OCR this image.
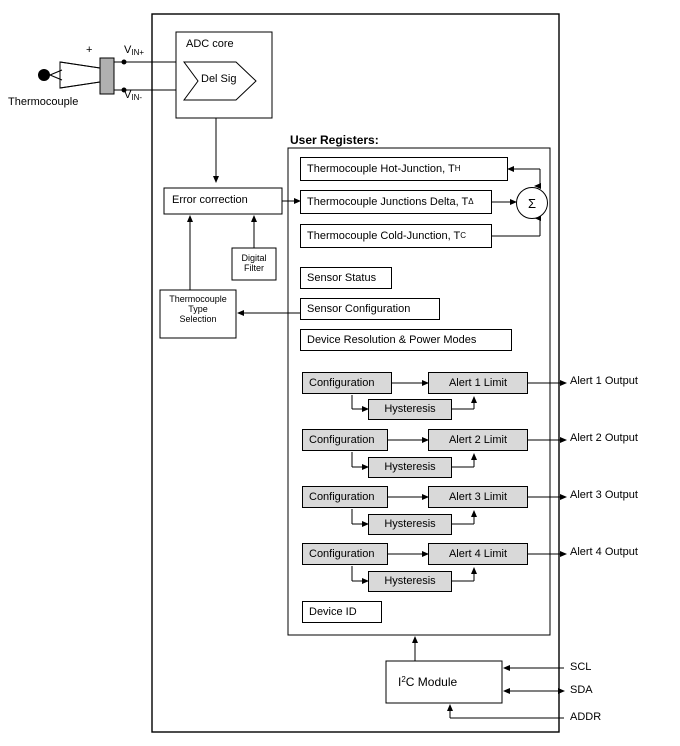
Thermocouple
+	$V_{IN+}$
$V_{IN-}$
ADC core
Del Sig
Error correction
Digital
Filter
Thermocouple
Type
Selection
User Registers:
Thermocouple Hot-Junction, T H
Thermocouple Junctions Delta, T Δ
Thermocouple Cold-Junction, T C
Σ
Sensor Status
Sensor Configuration
Device Resolution & Power Modes
Configuration	Alert 1 Limit
Hysteresis
Alert 1 Output
Configuration	Alert 2 Limit
Hysteresis
Alert 2 Output
Configuration	Alert 3 Limit
Hysteresis
Alert 3 Output
Configuration	Alert 4 Limit
Hysteresis
Alert 4 Output
Device ID
$I^2C$ Module
SCL
SDA
ADDR
